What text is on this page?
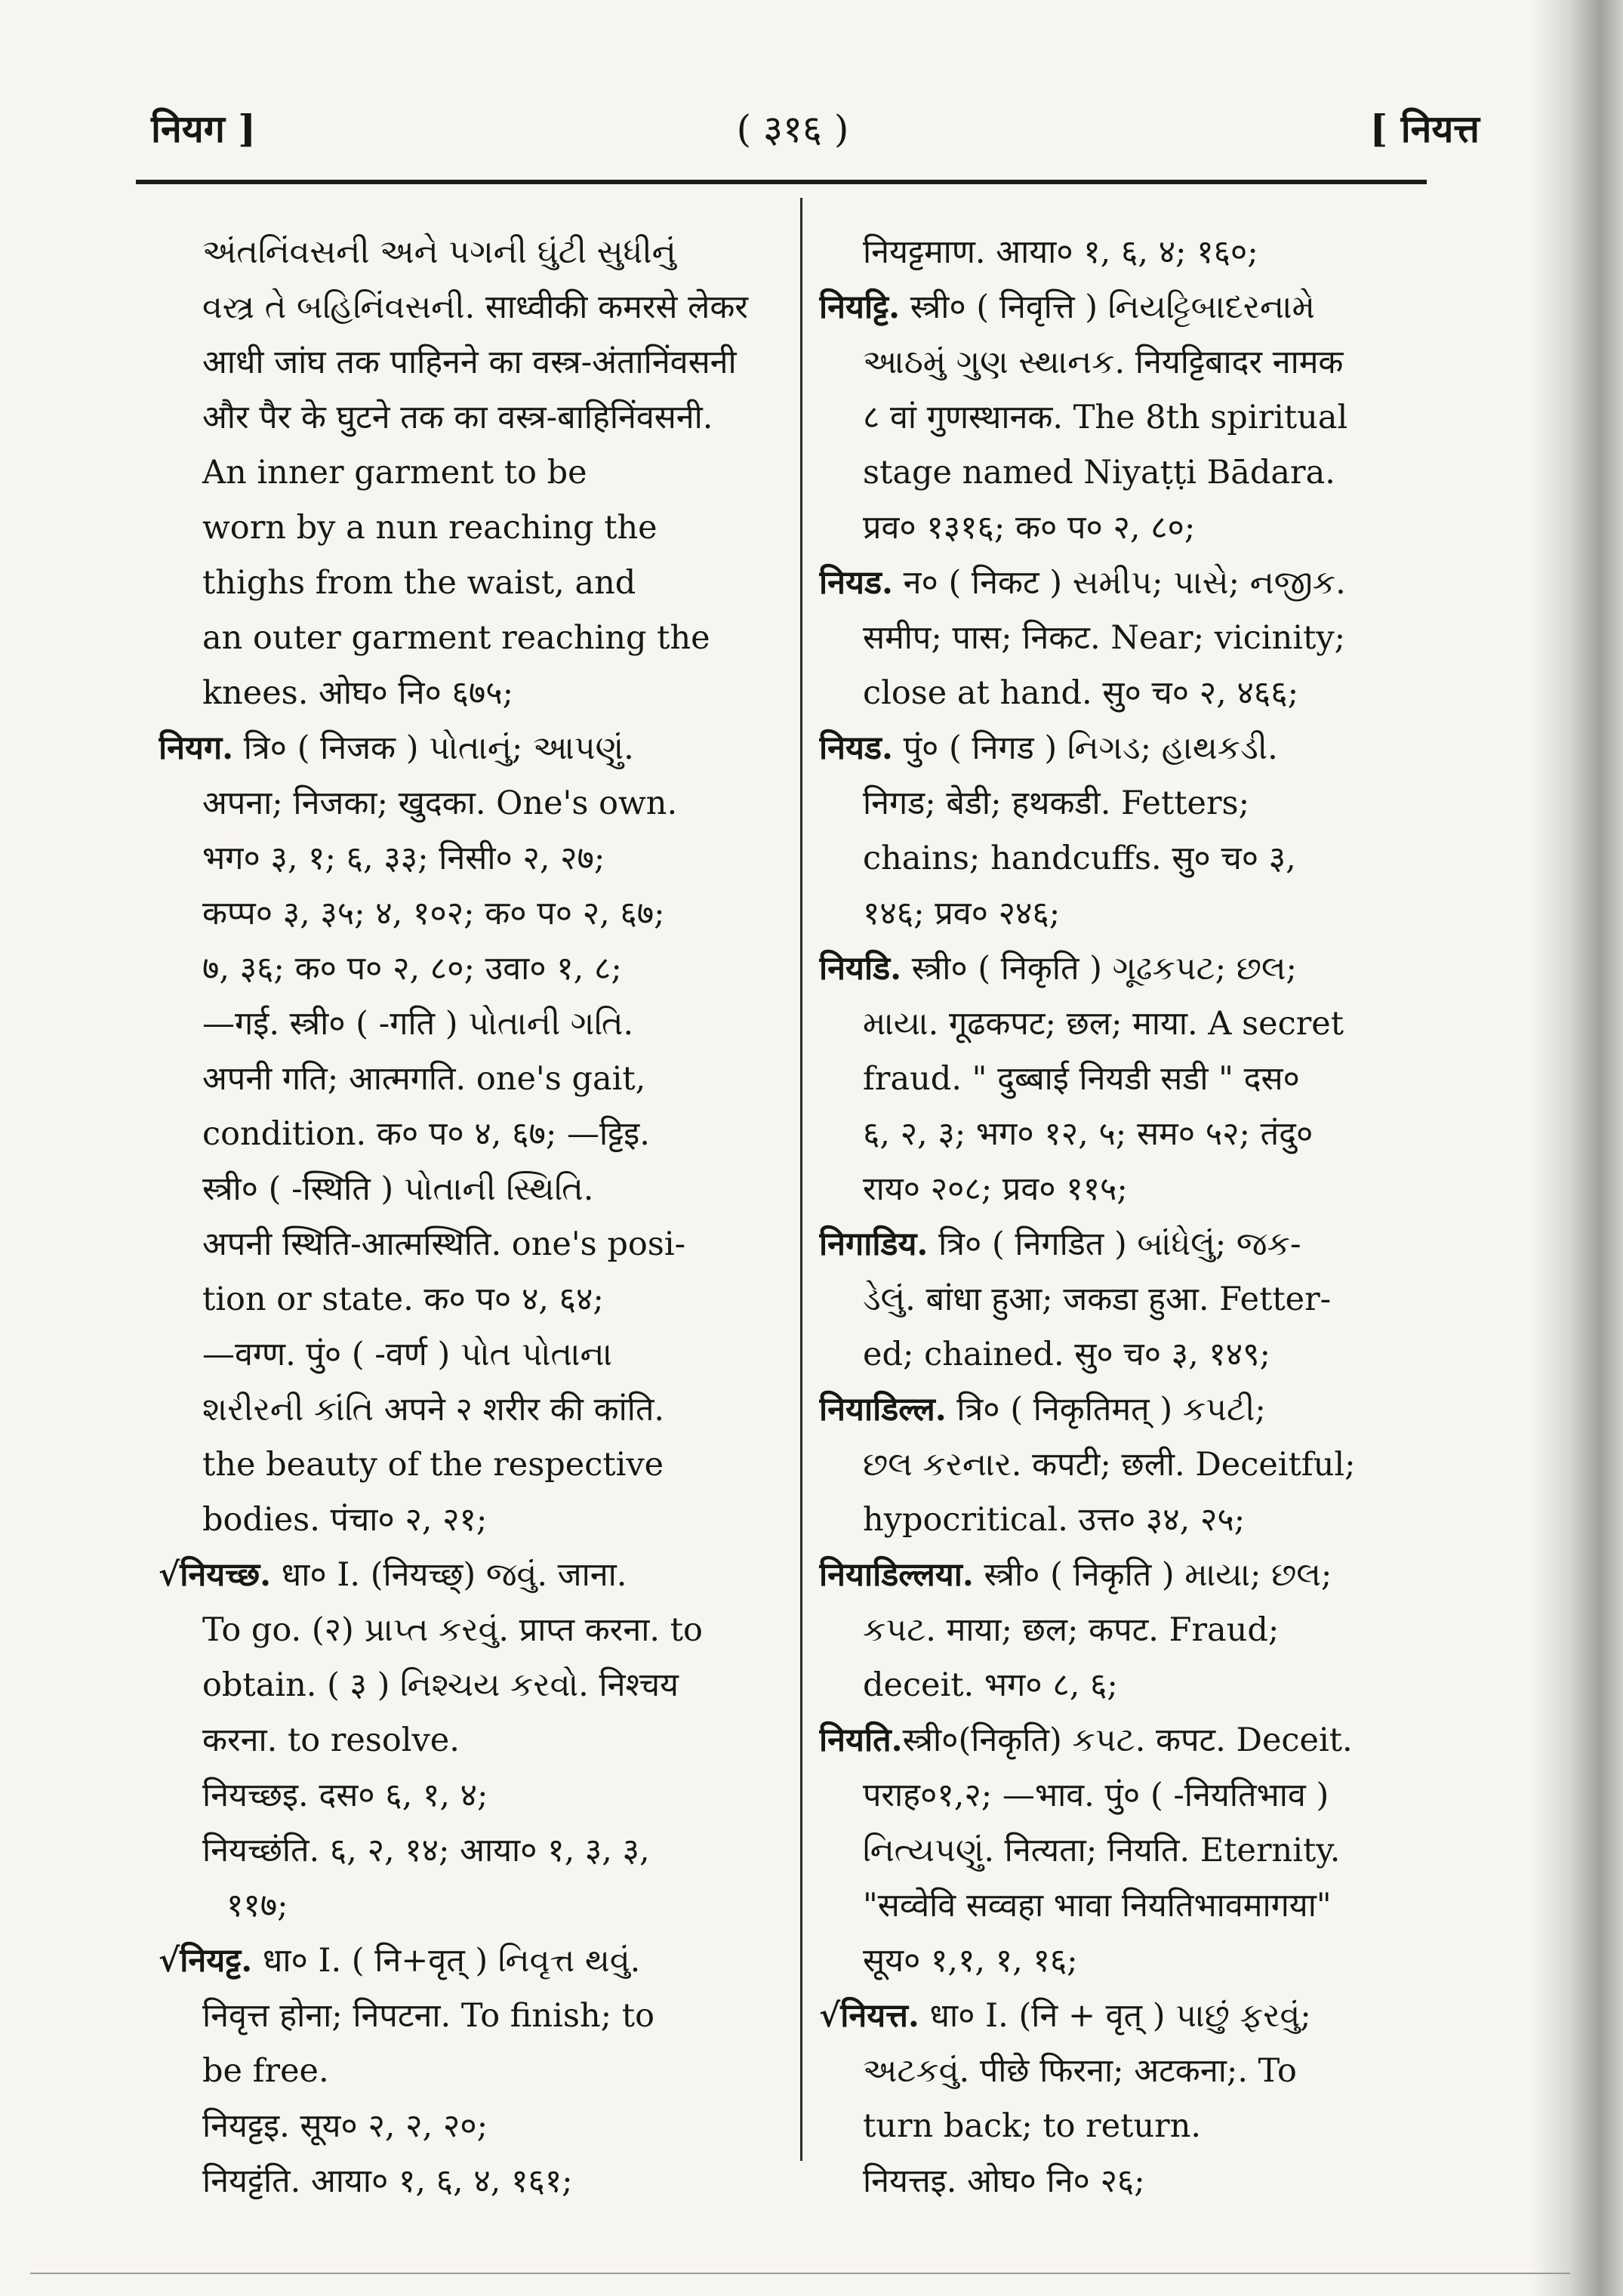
नियग ]	( ३१६ )	[ नियत्त
અંતનિંવસની અને પગની ઘુંટી સુધીનું
વસ્ત્ર તે બહિનિંવસની. साध्वीकी कमरसे लेकर
आधी जांघ तक पाहिनने का वस्त्र-अंतानिंवसनी
और पैर के घुटने तक का वस्त्र-बाहिनिंवसनी.
An inner garment to be
worn by a nun reaching the
thighs from the waist, and
an outer garment reaching the
knees. ओघ० नि० ६७५;
नियग. त्रि० ( निजक ) પોતાનું; આપણું.
अपना; निजका; खुदका. One's own.
भग० ३, १; ६, ३३; निसी० २, २७;
कप्प० ३, ३५; ४, १०२; क० प० २, ६७;
७, ३६; क० प० २, ८०; उवा० १, ८;
—गई. स्त्री० ( -गति ) પોતાની ગતિ.
अपनी गति; आत्मगति. one's gait,
condition. क० प० ४, ६७; —ट्टिइ.
स्त्री० ( -स्थिति ) પોતાની સ્થિતિ.
अपनी स्थिति-आत्मस्थिति. one's posi-
tion or state. क० प० ४, ६४;
—वग्ण. पुं० ( -वर्ण ) પોત પોતાના
શરીરની કાંતિ अपने २ शरीर की कांति.
the beauty of the respective
bodies. पंचा० २, २१;
√नियच्छ. धा० I. (नियच्छ्) જવું. जाना.
To go. (२) પ્રાપ્ત કરવું. प्राप्त करना. to
obtain. ( ३ ) નિશ્ચય કરવો. निश्चय
करना. to resolve.
नियच्छइ. दस० ६, १, ४;
नियच्छंति. ६, २, १४; आया० १, ३, ३,
११७;
√नियट्ट. धा० I. ( नि+वृत् ) નિવૃત્ત થવું.
निवृत्त होना; निपटना. To finish; to
be free.
नियट्टइ. सूय० २, २, २०;
नियट्टंति. आया० १, ६, ४, १६१;
नियट्टमाण. आया० १, ६, ४; १६०;
नियट्टि. स्त्री० ( निवृत्ति ) નિયટ્ટિબાદરનામે
આઠમું ગુણ સ્થાનક. नियट्टिबादर नामक
८ वां गुणस्थानक. The 8th spiritual
stage named Niyaṭṭi Bādara.
प्रव० १३१६; क० प० २, ८०;
नियड. न० ( निकट ) સમીપ; પાસે; નજીક.
समीप; पास; निकट. Near; vicinity;
close at hand. सु० च० २, ४६६;
नियड. पुं० ( निगड ) નિગડ; હાથકડી.
निगड; बेडी; हथकडी. Fetters;
chains; handcuffs. सु० च० ३,
१४६; प्रव० २४६;
नियडि. स्त्री० ( निकृति ) ગૂઢકપટ; છલ;
માયા. गूढकपट; छल; माया. A secret
fraud. " दुब्बाई नियडी सडी " दस०
६, २, ३; भग० १२, ५; सम० ५२; तंदु०
राय० २०८; प्रव० ११५;
निगाडिय. त्रि० ( निगडित ) બાંધેલું; જક-
ડેલું. बांधा हुआ; जकडा हुआ. Fetter-
ed; chained. सु० च० ३, १४९;
नियाडिल्ल. त्रि० ( निकृतिमत् ) કપટી;
છલ કરનાર. कपटी; छली. Deceitful;
hypocritical. उत्त० ३४, २५;
नियाडिल्लया. स्त्री० ( निकृति ) માયા; છલ;
કપટ. माया; छल; कपट. Fraud;
deceit. भग० ८, ६;
नियति.स्त्री०(निकृति) કપટ. कपट. Deceit.
पराह०१,२; —भाव. पुं० ( -नियतिभाव )
નિત્યપણું. नित्यता; नियति. Eternity.
"सव्वेवि सव्वहा भावा नियतिभावमागया"
सूय० १,१, १, १६;
√नियत्त. धा० I. (नि + वृत् ) પાછું ફરવું;
અટકવું. पीछे फिरना; अटकना;. To
turn back; to return.
नियत्तइ. ओघ० नि० २६;
